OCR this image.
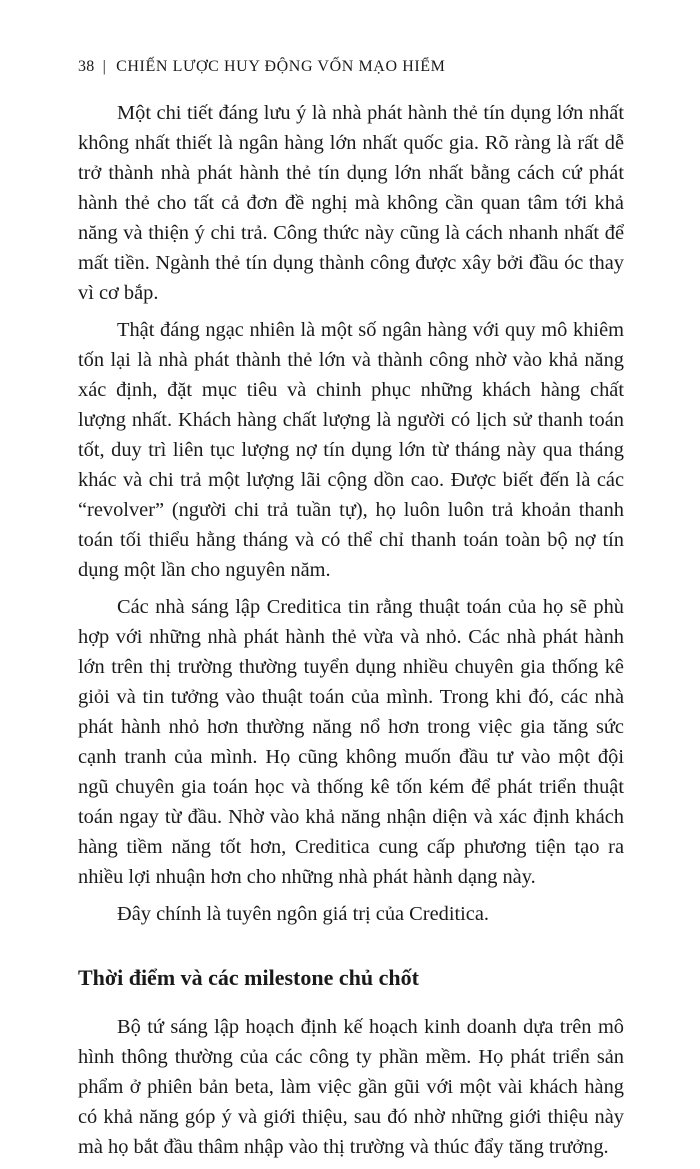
38 | CHIẾN LƯỢC HUY ĐỘNG VỐN MẠO HIỂM

Một chi tiết đáng lưu ý là nhà phát hành thẻ tín dụng lớn nhất không nhất thiết là ngân hàng lớn nhất quốc gia. Rõ ràng là rất dễ trở thành nhà phát hành thẻ tín dụng lớn nhất bằng cách cứ phát hành thẻ cho tất cả đơn đề nghị mà không cần quan tâm tới khả năng và thiện ý chi trả. Công thức này cũng là cách nhanh nhất để mất tiền. Ngành thẻ tín dụng thành công được xây bởi đầu óc thay vì cơ bắp.

Thật đáng ngạc nhiên là một số ngân hàng với quy mô khiêm tốn lại là nhà phát thành thẻ lớn và thành công nhờ vào khả năng xác định, đặt mục tiêu và chinh phục những khách hàng chất lượng nhất. Khách hàng chất lượng là người có lịch sử thanh toán tốt, duy trì liên tục lượng nợ tín dụng lớn từ tháng này qua tháng khác và chi trả một lượng lãi cộng dồn cao. Được biết đến là các “revolver” (người chi trả tuần tự), họ luôn luôn trả khoản thanh toán tối thiểu hằng tháng và có thể chỉ thanh toán toàn bộ nợ tín dụng một lần cho nguyên năm.

Các nhà sáng lập Creditica tin rằng thuật toán của họ sẽ phù hợp với những nhà phát hành thẻ vừa và nhỏ. Các nhà phát hành lớn trên thị trường thường tuyển dụng nhiều chuyên gia thống kê giỏi và tin tưởng vào thuật toán của mình. Trong khi đó, các nhà phát hành nhỏ hơn thường năng nổ hơn trong việc gia tăng sức cạnh tranh của mình. Họ cũng không muốn đầu tư vào một đội ngũ chuyên gia toán học và thống kê tốn kém để phát triển thuật toán ngay từ đầu. Nhờ vào khả năng nhận diện và xác định khách hàng tiềm năng tốt hơn, Creditica cung cấp phương tiện tạo ra nhiều lợi nhuận hơn cho những nhà phát hành dạng này.

Đây chính là tuyên ngôn giá trị của Creditica.

Thời điểm và các milestone chủ chốt

Bộ tứ sáng lập hoạch định kế hoạch kinh doanh dựa trên mô hình thông thường của các công ty phần mềm. Họ phát triển sản phẩm ở phiên bản beta, làm việc gần gũi với một vài khách hàng có khả năng góp ý và giới thiệu, sau đó nhờ những giới thiệu này mà họ bắt đầu thâm nhập vào thị trường và thúc đẩy tăng trưởng.
